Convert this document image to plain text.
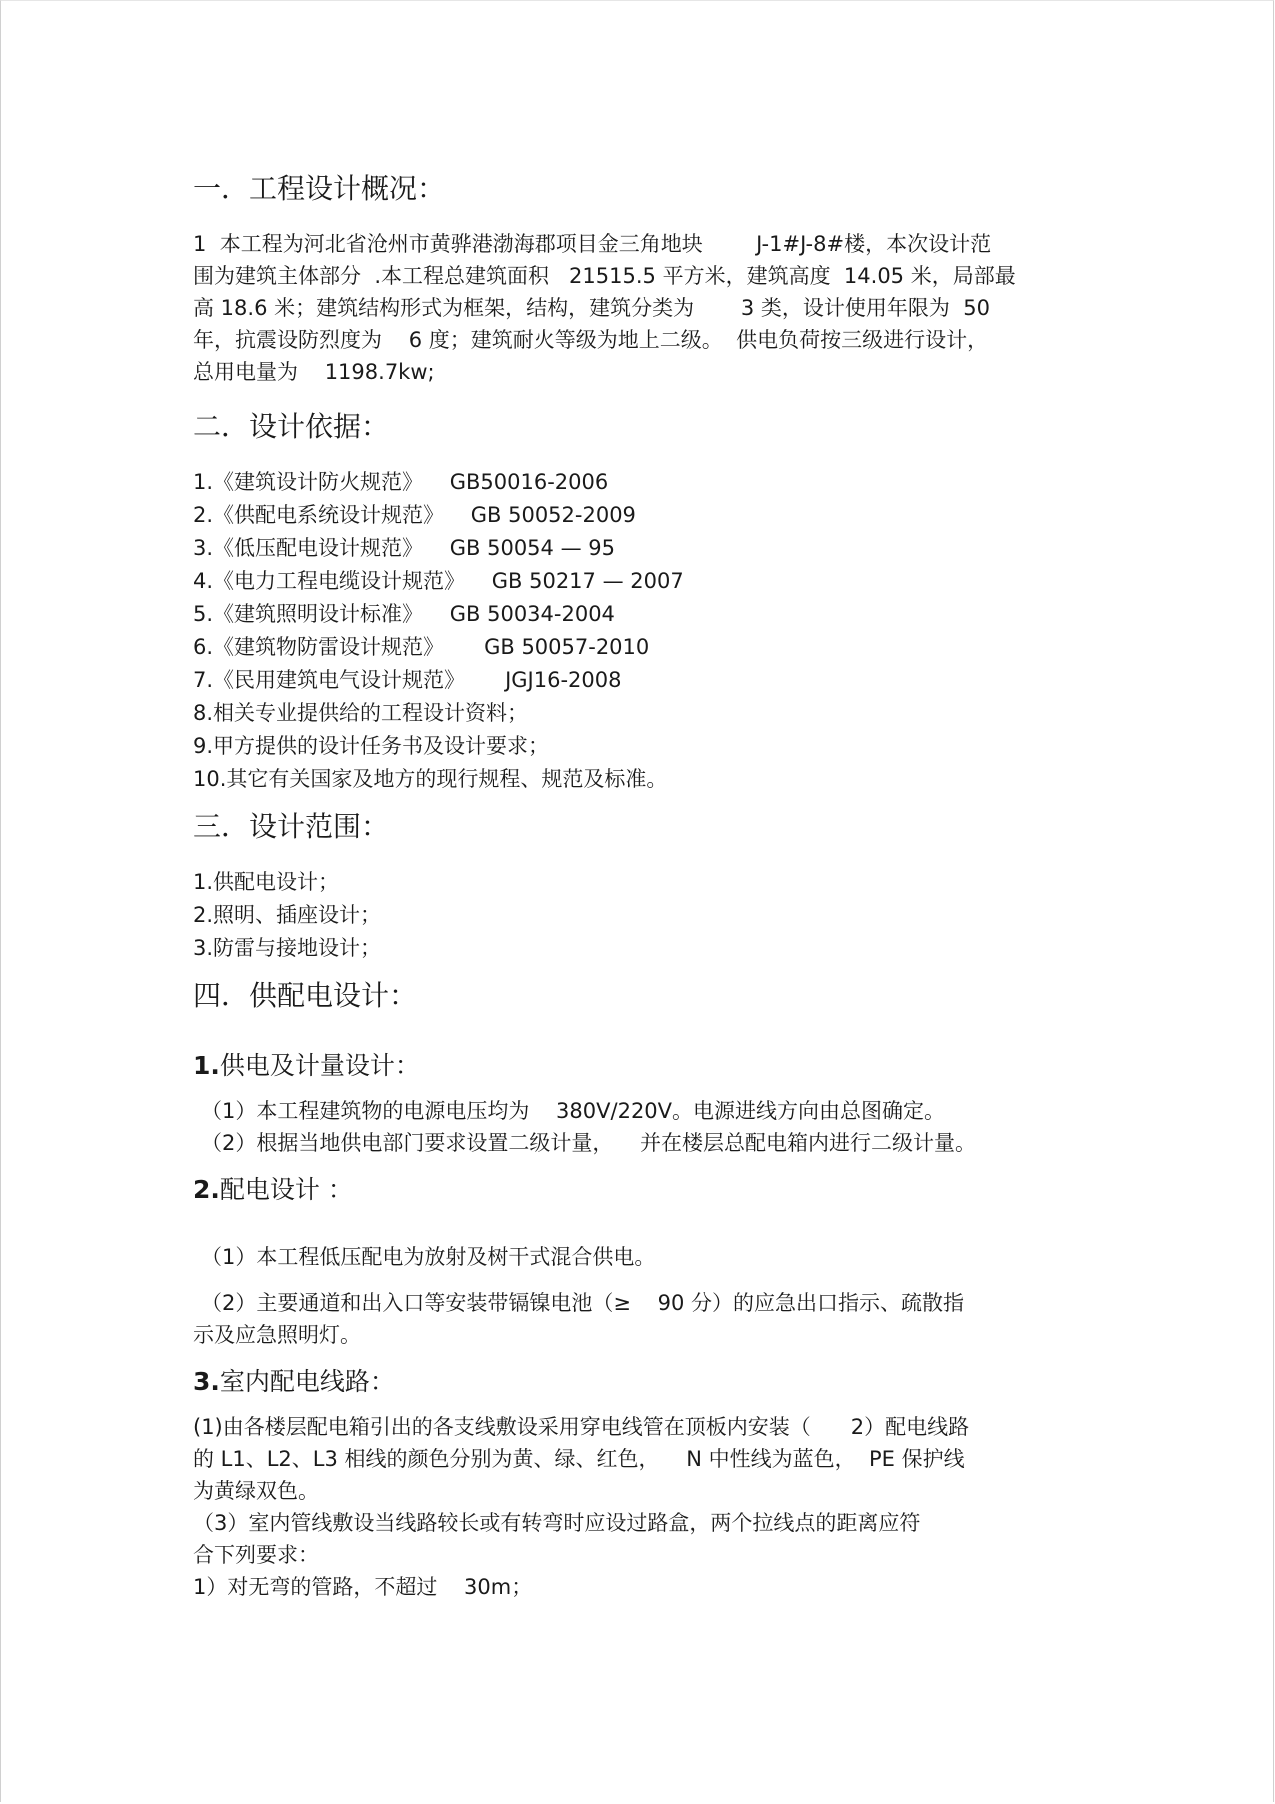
一．工程设计概况：

1  本工程为河北省沧州市黄骅港渤海郡项目金三角地块        J-1#J-8#楼，本次设计范

围为建筑主体部分  .本工程总建筑面积   21515.5 平方米，建筑高度  14.05 米，局部最

高 18.6 米；建筑结构形式为框架，结构，建筑分类为       3 类，设计使用年限为  50

年，抗震设防烈度为    6 度；建筑耐火等级为地上二级。  供电负荷按三级进行设计，

总用电量为    1198.7kw;

二．设计依据：

1.《建筑设计防火规范》    GB50016-2006

2.《供配电系统设计规范》    GB 50052-2009

3.《低压配电设计规范》    GB 50054 — 95

4.《电力工程电缆设计规范》    GB 50217 — 2007

5.《建筑照明设计标准》    GB 50034-2004

6.《建筑物防雷设计规范》      GB 50057-2010

7.《民用建筑电气设计规范》      JGJ16-2008

8.相关专业提供给的工程设计资料；

9.甲方提供的设计任务书及设计要求；

10.其它有关国家及地方的现行规程、规范及标准。

三．设计范围：

1.供配电设计；

2.照明、插座设计；

3.防雷与接地设计；

四．供配电设计：
1.供电及计量设计：

（1）本工程建筑物的电源电压均为    380V/220V。电源进线方向由总图确定。

（2）根据当地供电部门要求设置二级计量，    并在楼层总配电箱内进行二级计量。

2.配电设计 ：

（1）本工程低压配电为放射及树干式混合供电。

（2）主要通道和出入口等安装带镉镍电池（≥    90 分）的应急出口指示、疏散指

示及应急照明灯。

3.室内配电线路：

(1)由各楼层配电箱引出的各支线敷设采用穿电线管在顶板内安装（      2）配电线路

的 L1、L2、L3 相线的颜色分别为黄、绿、红色，    N 中性线为蓝色，  PE 保护线

为黄绿双色。

（3）室内管线敷设当线路较长或有转弯时应设过路盒，两个拉线点的距离应符

合下列要求：

1）对无弯的管路，不超过    30m；
